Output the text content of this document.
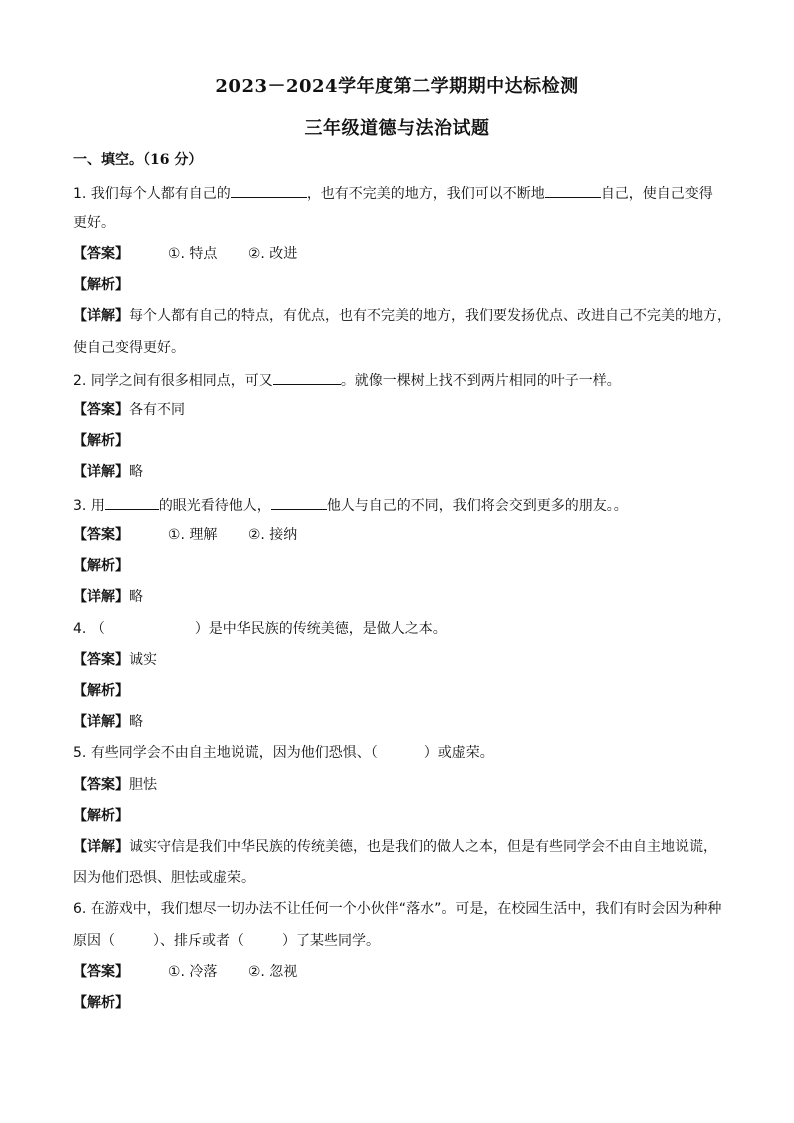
2023－2024学年度第二学期期中达标检测
三年级道德与法治试题
一、填空。（16 分）
1. 我们每个人都有自己的	，也有不完美的地方，我们可以不断地	自己，使自己变得
更好。
【答案】	①. 特点 ②. 改进
【解析】
【详解】每个人都有自己的特点，有优点，也有不完美的地方，我们要发扬优点、改进自己不完美的地方，
使自己变得更好。
2. 同学之间有很多相同点，可又	。就像一棵树上找不到两片相同的叶子一样。
【答案】各有不同
【解析】
【详解】略
3. 用	的眼光看待他人，	他人与自己的不同，我们将会交到更多的朋友。。
【答案】	①. 理解 ②. 接纳
【解析】
【详解】略
4. （	）是中华民族的传统美德，是做人之本。
【答案】诚实
【解析】
【详解】略
5. 有些同学会不由自主地说谎，因为他们恐惧、（	）或虚荣。
【答案】胆怯
【解析】
【详解】诚实守信是我们中华民族的传统美德，也是我们的做人之本，但是有些同学会不由自主地说谎，
因为他们恐惧、胆怯或虚荣。
6. 在游戏中，我们想尽一切办法不让任何一个小伙伴“落水”。可是，在校园生活中，我们有时会因为种种
原因（	）、排斥或者（	）了某些同学。
【答案】	①. 冷落 ②. 忽视
【解析】
